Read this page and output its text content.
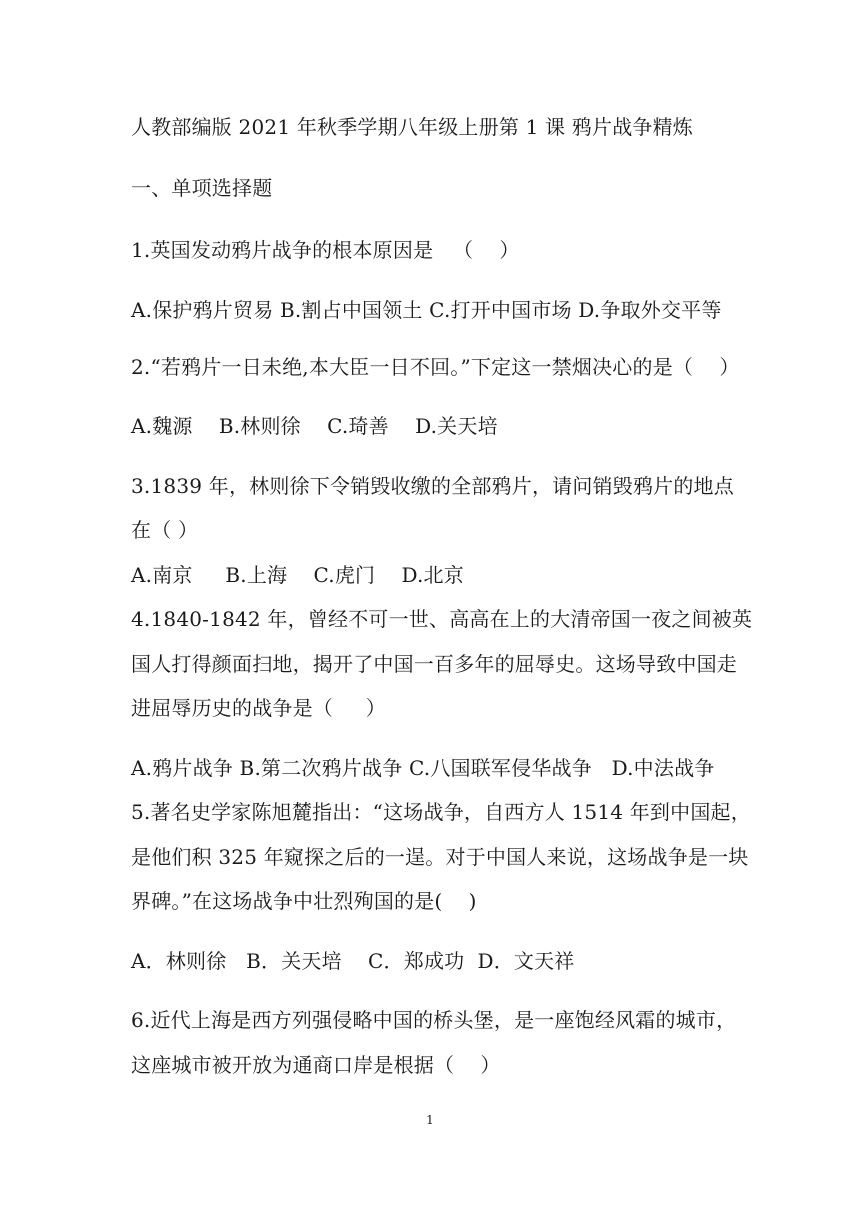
人教部编版 2021 年秋季学期八年级上册第 1 课 鸦片战争精炼
一、单项选择题
1.英国发动鸦片战争的根本原因是   （    ）
A.保护鸦片贸易 B.割占中国领土 C.打开中国市场 D.争取外交平等
2.“若鸦片一日未绝,本大臣一日不回。”下定这一禁烟决心的是（    ）
A.魏源    B.林则徐    C.琦善    D.关天培
3.1839 年，林则徐下令销毁收缴的全部鸦片，请问销毁鸦片的地点
在（ ）
A.南京     B.上海    C.虎门    D.北京
4.1840-1842 年，曾经不可一世、高高在上的大清帝国一夜之间被英
国人打得颜面扫地，揭开了中国一百多年的屈辱史。这场导致中国走
进屈辱历史的战争是（     ）
A.鸦片战争 B.第二次鸦片战争 C.八国联军侵华战争   D.中法战争
5.著名史学家陈旭麓指出：“这场战争，自西方人 1514 年到中国起，
是他们积 325 年窥探之后的一逞。对于中国人来说，这场战争是一块
界碑。”在这场战争中壮烈殉国的是(    )
A．林则徐   B．关天培    C．郑成功  D．文天祥
6.近代上海是西方列强侵略中国的桥头堡，是一座饱经风霜的城市，
这座城市被开放为通商口岸是根据（    ）
1
